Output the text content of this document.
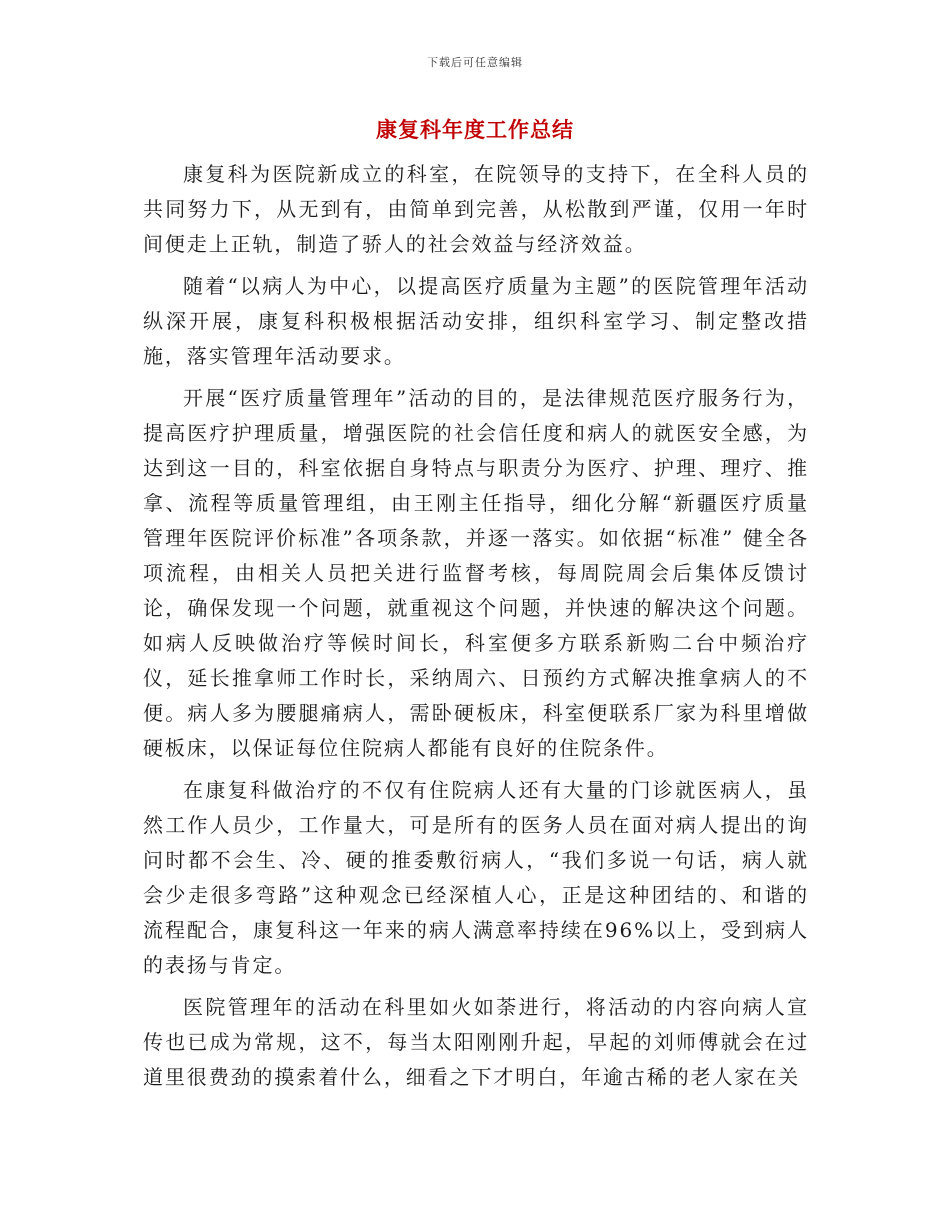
下载后可任意编辑
康复科年度工作总结

康复科为医院新成立的科室，在院领导的支持下，在全科人员的共同努力下，从无到有，由简单到完善，从松散到严谨，仅用一年时间便走上正轨，制造了骄人的社会效益与经济效益。

随着“以病人为中心，以提高医疗质量为主题”的医院管理年活动纵深开展，康复科积极根据活动安排，组织科室学习、制定整改措施，落实管理年活动要求。

开展“医疗质量管理年”活动的目的，是法律规范医疗服务行为，提高医疗护理质量，增强医院的社会信任度和病人的就医安全感，为达到这一目的，科室依据自身特点与职责分为医疗、护理、理疗、推拿、流程等质量管理组，由王刚主任指导，细化分解“新疆医疗质量管理年医院评价标准”各项条款，并逐一落实。如依据“标准” 健全各项流程，由相关人员把关进行监督考核，每周院周会后集体反馈讨论，确保发现一个问题，就重视这个问题，并快速的解决这个问题。如病人反映做治疗等候时间长，科室便多方联系新购二台中频治疗仪，延长推拿师工作时长，采纳周六、日预约方式解决推拿病人的不便。病人多为腰腿痛病人，需卧硬板床，科室便联系厂家为科里增做硬板床，以保证每位住院病人都能有良好的住院条件。

在康复科做治疗的不仅有住院病人还有大量的门诊就医病人，虽然工作人员少，工作量大，可是所有的医务人员在面对病人提出的询问时都不会生、冷、硬的推委敷衍病人，“我们多说一句话，病人就会少走很多弯路”这种观念已经深植人心，正是这种团结的、和谐的流程配合，康复科这一年来的病人满意率持续在96%以上，受到病人的表扬与肯定。

医院管理年的活动在科里如火如荼进行，将活动的内容向病人宣传也已成为常规，这不，每当太阳刚刚升起，早起的刘师傅就会在过道里很费劲的摸索着什么，细看之下才明白，年逾古稀的老人家在关
